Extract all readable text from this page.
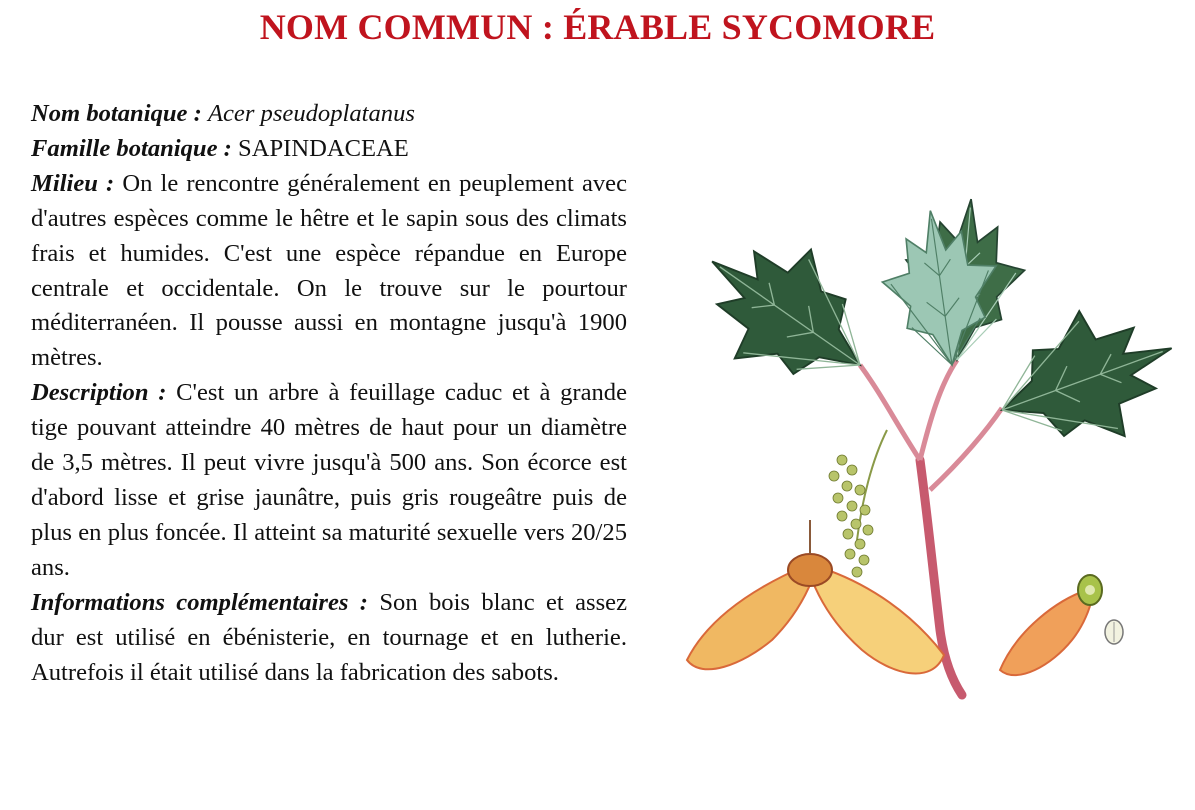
NOM COMMUN : ÉRABLE SYCOMORE

Nom botanique : Acer pseudoplatanus

Famille botanique : SAPINDACEAE

Milieu : On le rencontre généralement en peuplement avec d'autres espèces comme le hêtre et le sapin sous des climats frais et humides. C'est une espèce répandue en Europe centrale et occidentale. On le trouve sur le pourtour méditerranéen. Il pousse aussi en montagne jusqu'à 1900 mètres.

Description : C'est un arbre à feuillage caduc et à grande tige pouvant atteindre 40 mètres de haut pour un diamètre de 3,5 mètres. Il peut vivre jusqu'à 500 ans. Son écorce est d'abord lisse et grise jaunâtre, puis gris rougeâtre puis de plus en plus foncée. Il atteint sa maturité sexuelle vers 20/25 ans.

Informations complémentaires : Son bois blanc et assez dur est utilisé en ébénisterie, en tournage et en lutherie. Autrefois il était utilisé dans la fabrication des sabots.
